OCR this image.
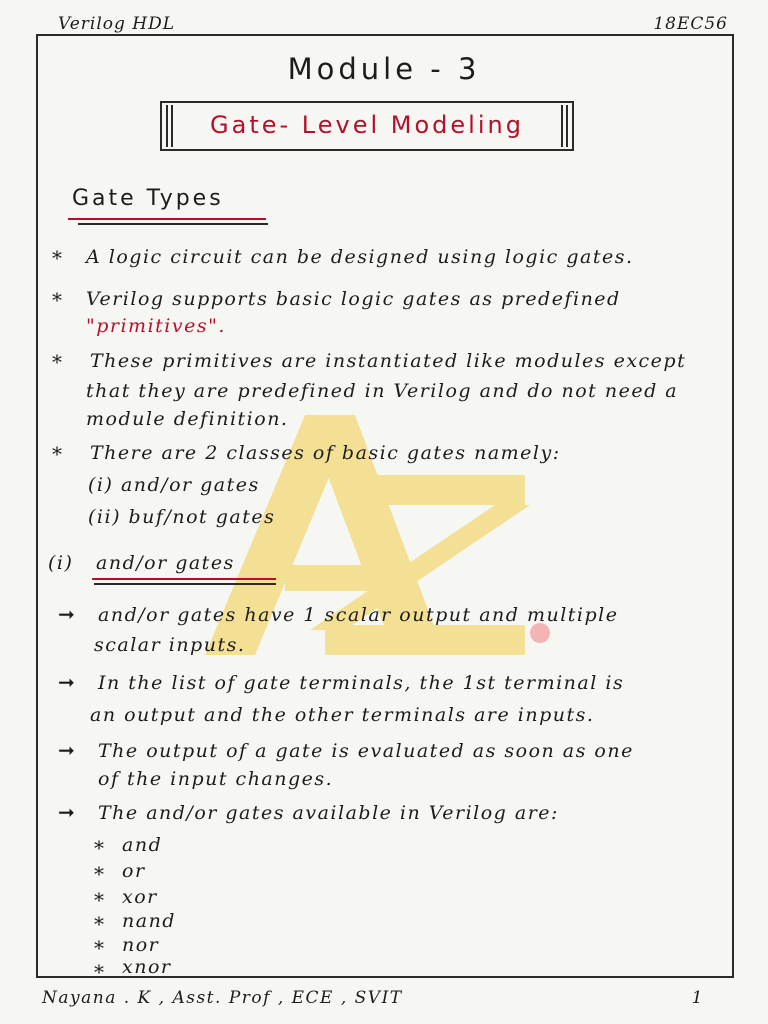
Verilog HDL	18EC56
Module - 3
Gate- Level Modeling
Gate Types
* A logic circuit can be designed using logic gates.
* Verilog supports basic logic gates as predefined
"primitives".
* These primitives are instantiated like modules except
that they are predefined in Verilog and do not need a
module definition.
* There are 2 classes of basic gates namely:
(i) and/or gates
(ii) buf/not gates
(i) and/or gates
➞ and/or gates have 1 scalar output and multiple
scalar inputs.
➞ In the list of gate terminals, the 1st terminal is
an output and the other terminals are inputs.
➞ The output of a gate is evaluated as soon as one
of the input changes.
➞ The and/or gates available in Verilog are:
* and
* or
* xor
* nand
* nor
* xnor
Nayana . K , Asst. Prof , ECE , SVIT	1
